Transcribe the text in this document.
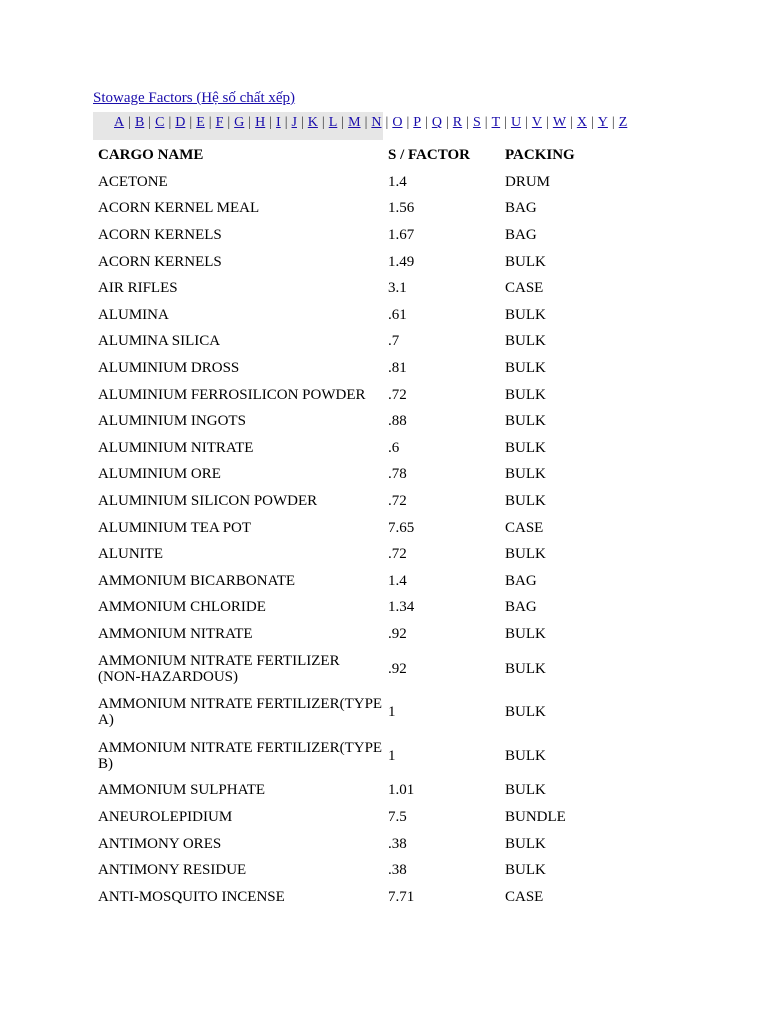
Stowage Factors (Hệ số chất xếp)
A | B | C | D | E | F | G | H | I | J | K | L | M | N | O | P | Q | R | S | T | U | V | W | X | Y | Z
CARGO NAME	S / FACTOR	PACKING
ACETONE	1.4	DRUM
ACORN KERNEL MEAL	1.56	BAG
ACORN KERNELS	1.67	BAG
ACORN KERNELS	1.49	BULK
AIR RIFLES	3.1	CASE
ALUMINA	.61	BULK
ALUMINA SILICA	.7	BULK
ALUMINIUM DROSS	.81	BULK
ALUMINIUM FERROSILICON POWDER	.72	BULK
ALUMINIUM INGOTS	.88	BULK
ALUMINIUM NITRATE	.6	BULK
ALUMINIUM ORE	.78	BULK
ALUMINIUM SILICON POWDER	.72	BULK
ALUMINIUM TEA POT	7.65	CASE
ALUNITE	.72	BULK
AMMONIUM BICARBONATE	1.4	BAG
AMMONIUM CHLORIDE	1.34	BAG
AMMONIUM NITRATE	.92	BULK
AMMONIUM NITRATE FERTILIZER (NON-HAZARDOUS)	.92	BULK
AMMONIUM NITRATE FERTILIZER(TYPE A)	1	BULK
AMMONIUM NITRATE FERTILIZER(TYPE B)	1	BULK
AMMONIUM SULPHATE	1.01	BULK
ANEUROLEPIDIUM	7.5	BUNDLE
ANTIMONY ORES	.38	BULK
ANTIMONY RESIDUE	.38	BULK
ANTI-MOSQUITO INCENSE	7.71	CASE
